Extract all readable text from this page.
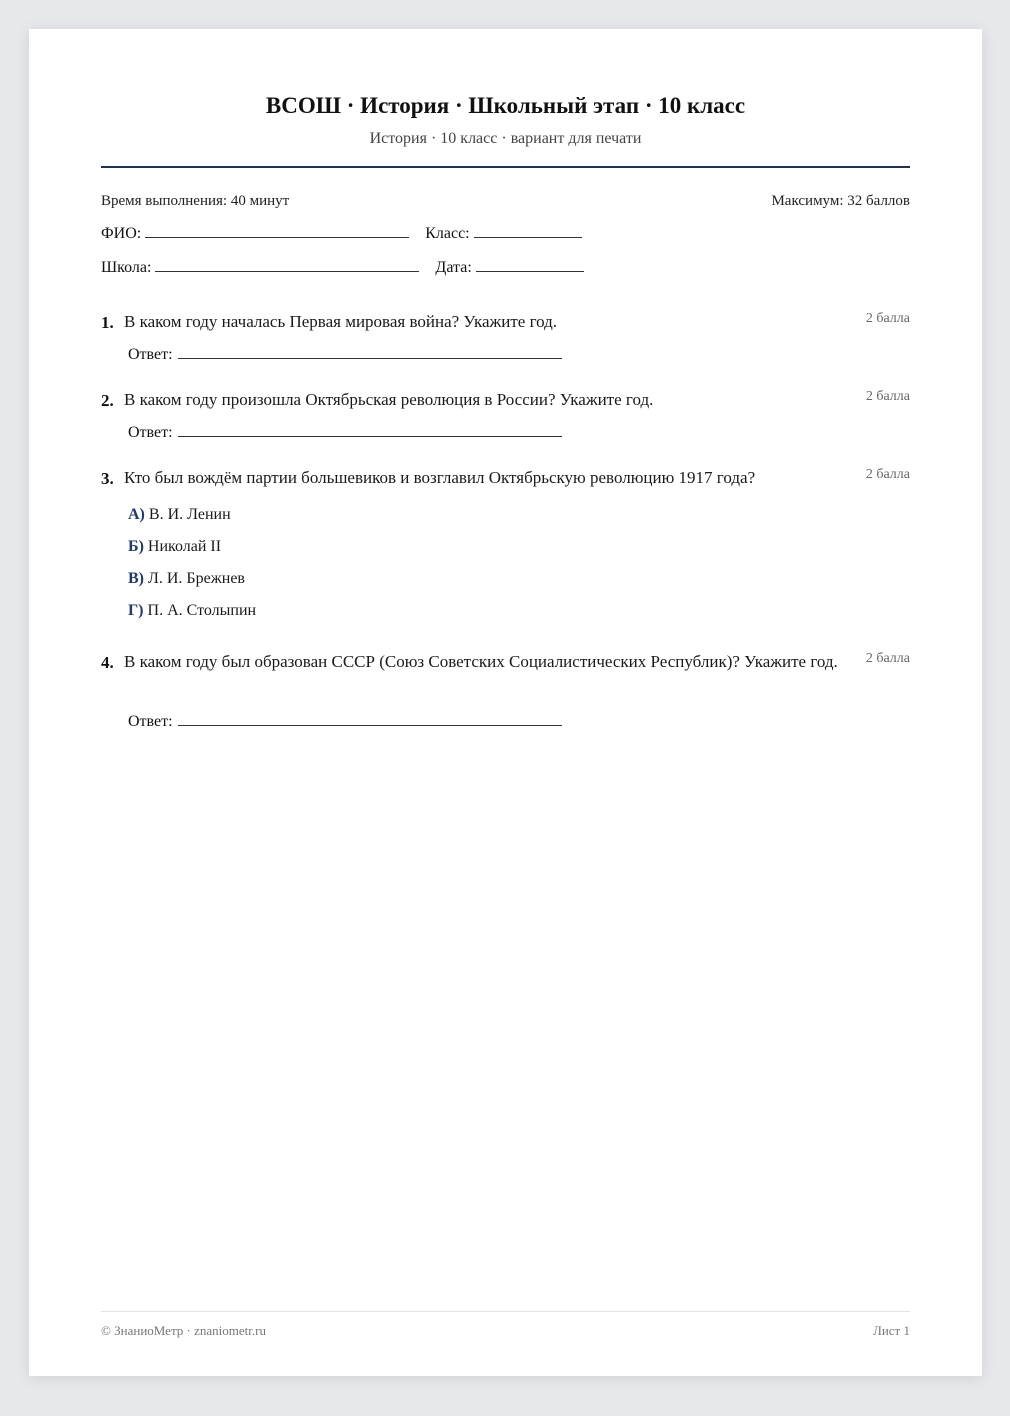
ВСОШ · История · Школьный этап · 10 класс
История · 10 класс · вариант для печати
Время выполнения: 40 минут	Максимум: 32 баллов
ФИО:	Класс:
Школа:	Дата:
1. В каком году началась Первая мировая война? Укажите год.	2 балла
Ответ:
2. В каком году произошла Октябрьская революция в России? Укажите год.	2 балла
Ответ:
3. Кто был вождём партии большевиков и возглавил Октябрьскую революцию 1917 года?	2 балла
А) В. И. Ленин
Б) Николай II
В) Л. И. Брежнев
Г) П. А. Столыпин
4. В каком году был образован СССР (Союз Советских Социалистических Республик)? Укажите год.	2 балла
Ответ:
© ЗнаниоМетр · znaniometr.ru	Лист 1
